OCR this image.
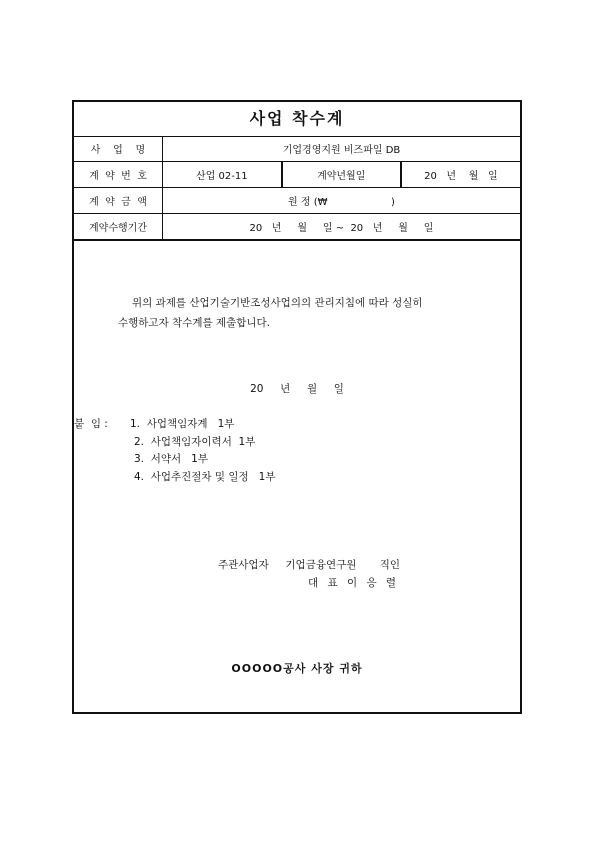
사업 착수계
사    업    명	기업경영지원 비즈파일 DB		
계  약  번  호	산업 02-11	계약년월일	20   년    월   일
계  약  금  액	원 정 (₩                    )		
계약수행기간	20   년     월     일 ~  20   년     월     일		
위의 과제를 산업기술기반조성사업의의 관리지침에 따라 성실히
수행하고자 착수계를 제출합니다.
20     년     월     일
붙  임 : 1.  사업책임자계   1부
2.  사업책임자이력서  1부
3.  서약서   1부
4.  사업추진절차 및 일정   1부
주관사업자     기업금융연구원       직인
대 표 이 응 렬
OOOOO공사 사장 귀하
